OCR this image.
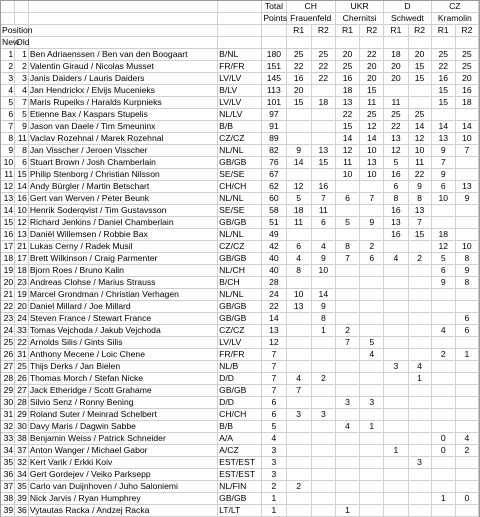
				Total	CH		UKR		D		CZ	
				Points	Frauenfeld		Chernitsi		Schwedt		Kramolin	
Position					R1	R2	R1	R2	R1	R2	R1	R2
New	Old											
1	1	Ben Adriaenssen / Ben van den Boogaart	B/NL	180	25	25	20	22	18	20	25	25
2	2	Valentin Giraud / Nicolas Musset	FR/FR	151	22	22	25	20	20	15	22	25
3	3	Janis Daiders / Lauris Daiders	LV/LV	145	16	22	16	20	20	15	16	20
4	4	Jan Hendrickx / Elvijs Mucenieks	B/LV	113	20		18	15			15	16
5	7	Maris Rupeiks / Haralds Kurpnieks	LV/LV	101	15	18	13	11	11		15	18
6	5	Etienne Bax / Kaspars Stupelis	NL/LV	97			22	25	25	25		
7	9	Jason van Daele / Tim Smeuninx	B/B	91			15	12	22	14	14	14
8	11	Vaclav Rozehnal / Marek Rozehnal	CZ/CZ	89			14	14	13	12	13	10
9	8	Jan Visscher / Jeroen Visscher	NL/NL	82	9	13	12	10	12	10	9	7
10	6	Stuart Brown / Josh Chamberlain	GB/GB	76	14	15	11	13	5	11	7	
11	15	Philip Stenborg / Christian Nilsson	SE/SE	67			10	10	16	22	9	
12	14	Andy Bürgler / Martin Betschart	CH/CH	62	12	16			6	9	6	13
13	16	Gert van Werven / Peter Beunk	NL/NL	60	5	7	6	7	8	8	10	9
14	10	Henrik Soderqvist / Tim Gustavsson	SE/SE	58	18	11			16	13		
15	12	Richard Jenkins / Daniel Chamberlain	GB/GB	51	11	6	5	9	13	7		
16	13	Daniël Willemsen / Robbie Bax	NL/NL	49					16	15	18	
17	21	Lukas Cerny / Radek Musil	CZ/CZ	42	6	4	8	2			12	10
18	17	Brett Wilkinson / Craig Parmenter	GB/GB	40	4	9	7	6	4	2	5	8
19	18	Bjorn Roes / Bruno Kalin	NL/CH	40	8	10					6	9
20	23	Andreas Clohse / Marius Strauss	B/CH	28							9	8
21	19	Marcel Grondman / Christian Verhagen	NL/NL	24	10	14						
22	20	Daniel Millard / Joe Millard	GB/GB	22	13	9						
23	24	Steven France / Stewart France	GB/GB	14		8						6
24	33	Tomas Vejchoda / Jakub Vejchoda	CZ/CZ	13		1	2				4	6
25	22	Arnolds Silis / Gints Silis	LV/LV	12			7	5				
26	31	Anthony Mecene / Loic Chene	FR/FR	7				4			2	1
27	25	Thijs Derks / Jan Bielen	NL/B	7					3	4		
28	26	Thomas Morch / Stefan Nicke	D/D	7	4	2				1		
29	27	Jack Etheridge / Scott Grahame	GB/GB	7	7							
30	28	Silvio Senz / Ronny Bening	D/D	6			3	3				
31	29	Roland Suter / Meinrad Schelbert	CH/CH	6	3	3						
32	30	Davy Maris / Dagwin Sabbe	B/B	5			4	1				
33	38	Benjamin Weiss / Patrick Schneider	A/A	4							0	4
34	37	Anton Wanger / Michael Gabor	A/CZ	3					1		0	2
35	32	Kert Varik / Erkki Koiv	EST/EST	3						3		
36	34	Gert Gordejev / Veiko Parksepp	EST/EST	3								
37	35	Carlo van Duijnhoven / Juho Saloniemi	NL/FIN	2	2							
38	39	Nick Jarvis / Ryan Humphrey	GB/GB	1							1	0
39	36	Vytautas Racka / Andzej Racka	LT/LT	1			1					
